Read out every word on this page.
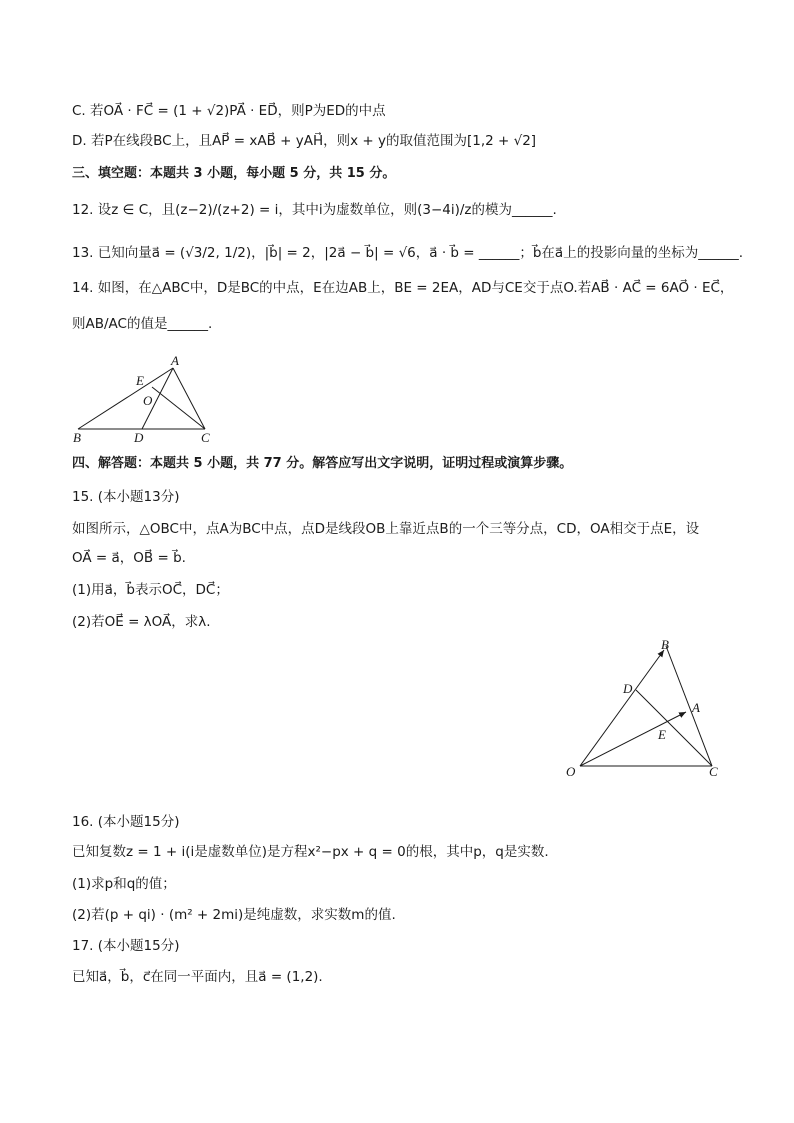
C. 若OA⃗ · FC⃗ = (1 + √2)PA⃗ · ED⃗，则P为ED的中点
D. 若P在线段BC上，且AP⃗ = xAB⃗ + yAH⃗，则x + y的取值范围为[1,2 + √2]
三、填空题：本题共 3 小题，每小题 5 分，共 15 分。
12. 设z ∈ C，且(z−2)/(z+2) = i，其中i为虚数单位，则(3−4i)/z的模为______.
13. 已知向量a⃗ = (√3/2, 1/2)，|b⃗| = 2，|2a⃗ − b⃗| = √6，a⃗ · b⃗ = ______；b⃗在a⃗上的投影向量的坐标为______.
14. 如图，在△ABC中，D是BC的中点，E在边AB上，BE = 2EA，AD与CE交于点O.若AB⃗ · AC⃗ = 6AO⃗ · EC⃗，
则AB/AC的值是______.
A
B	C
D
E
O
四、解答题：本题共 5 小题，共 77 分。解答应写出文字说明，证明过程或演算步骤。
15. (本小题13分)
如图所示，△OBC中，点A为BC中点，点D是线段OB上靠近点B的一个三等分点，CD，OA相交于点E，设
OA⃗ = a⃗，OB⃗ = b⃗.
(1)用a⃗，b⃗表示OC⃗，DC⃗；
(2)若OE⃗ = λOA⃗，求λ.
B
A
D
E
O	C
16. (本小题15分)
已知复数z = 1 + i(i是虚数单位)是方程x²−px + q = 0的根，其中p，q是实数.
(1)求p和q的值；
(2)若(p + qi) · (m² + 2mi)是纯虚数，求实数m的值.
17. (本小题15分)
已知a⃗，b⃗，c⃗在同一平面内，且a⃗ = (1,2).
